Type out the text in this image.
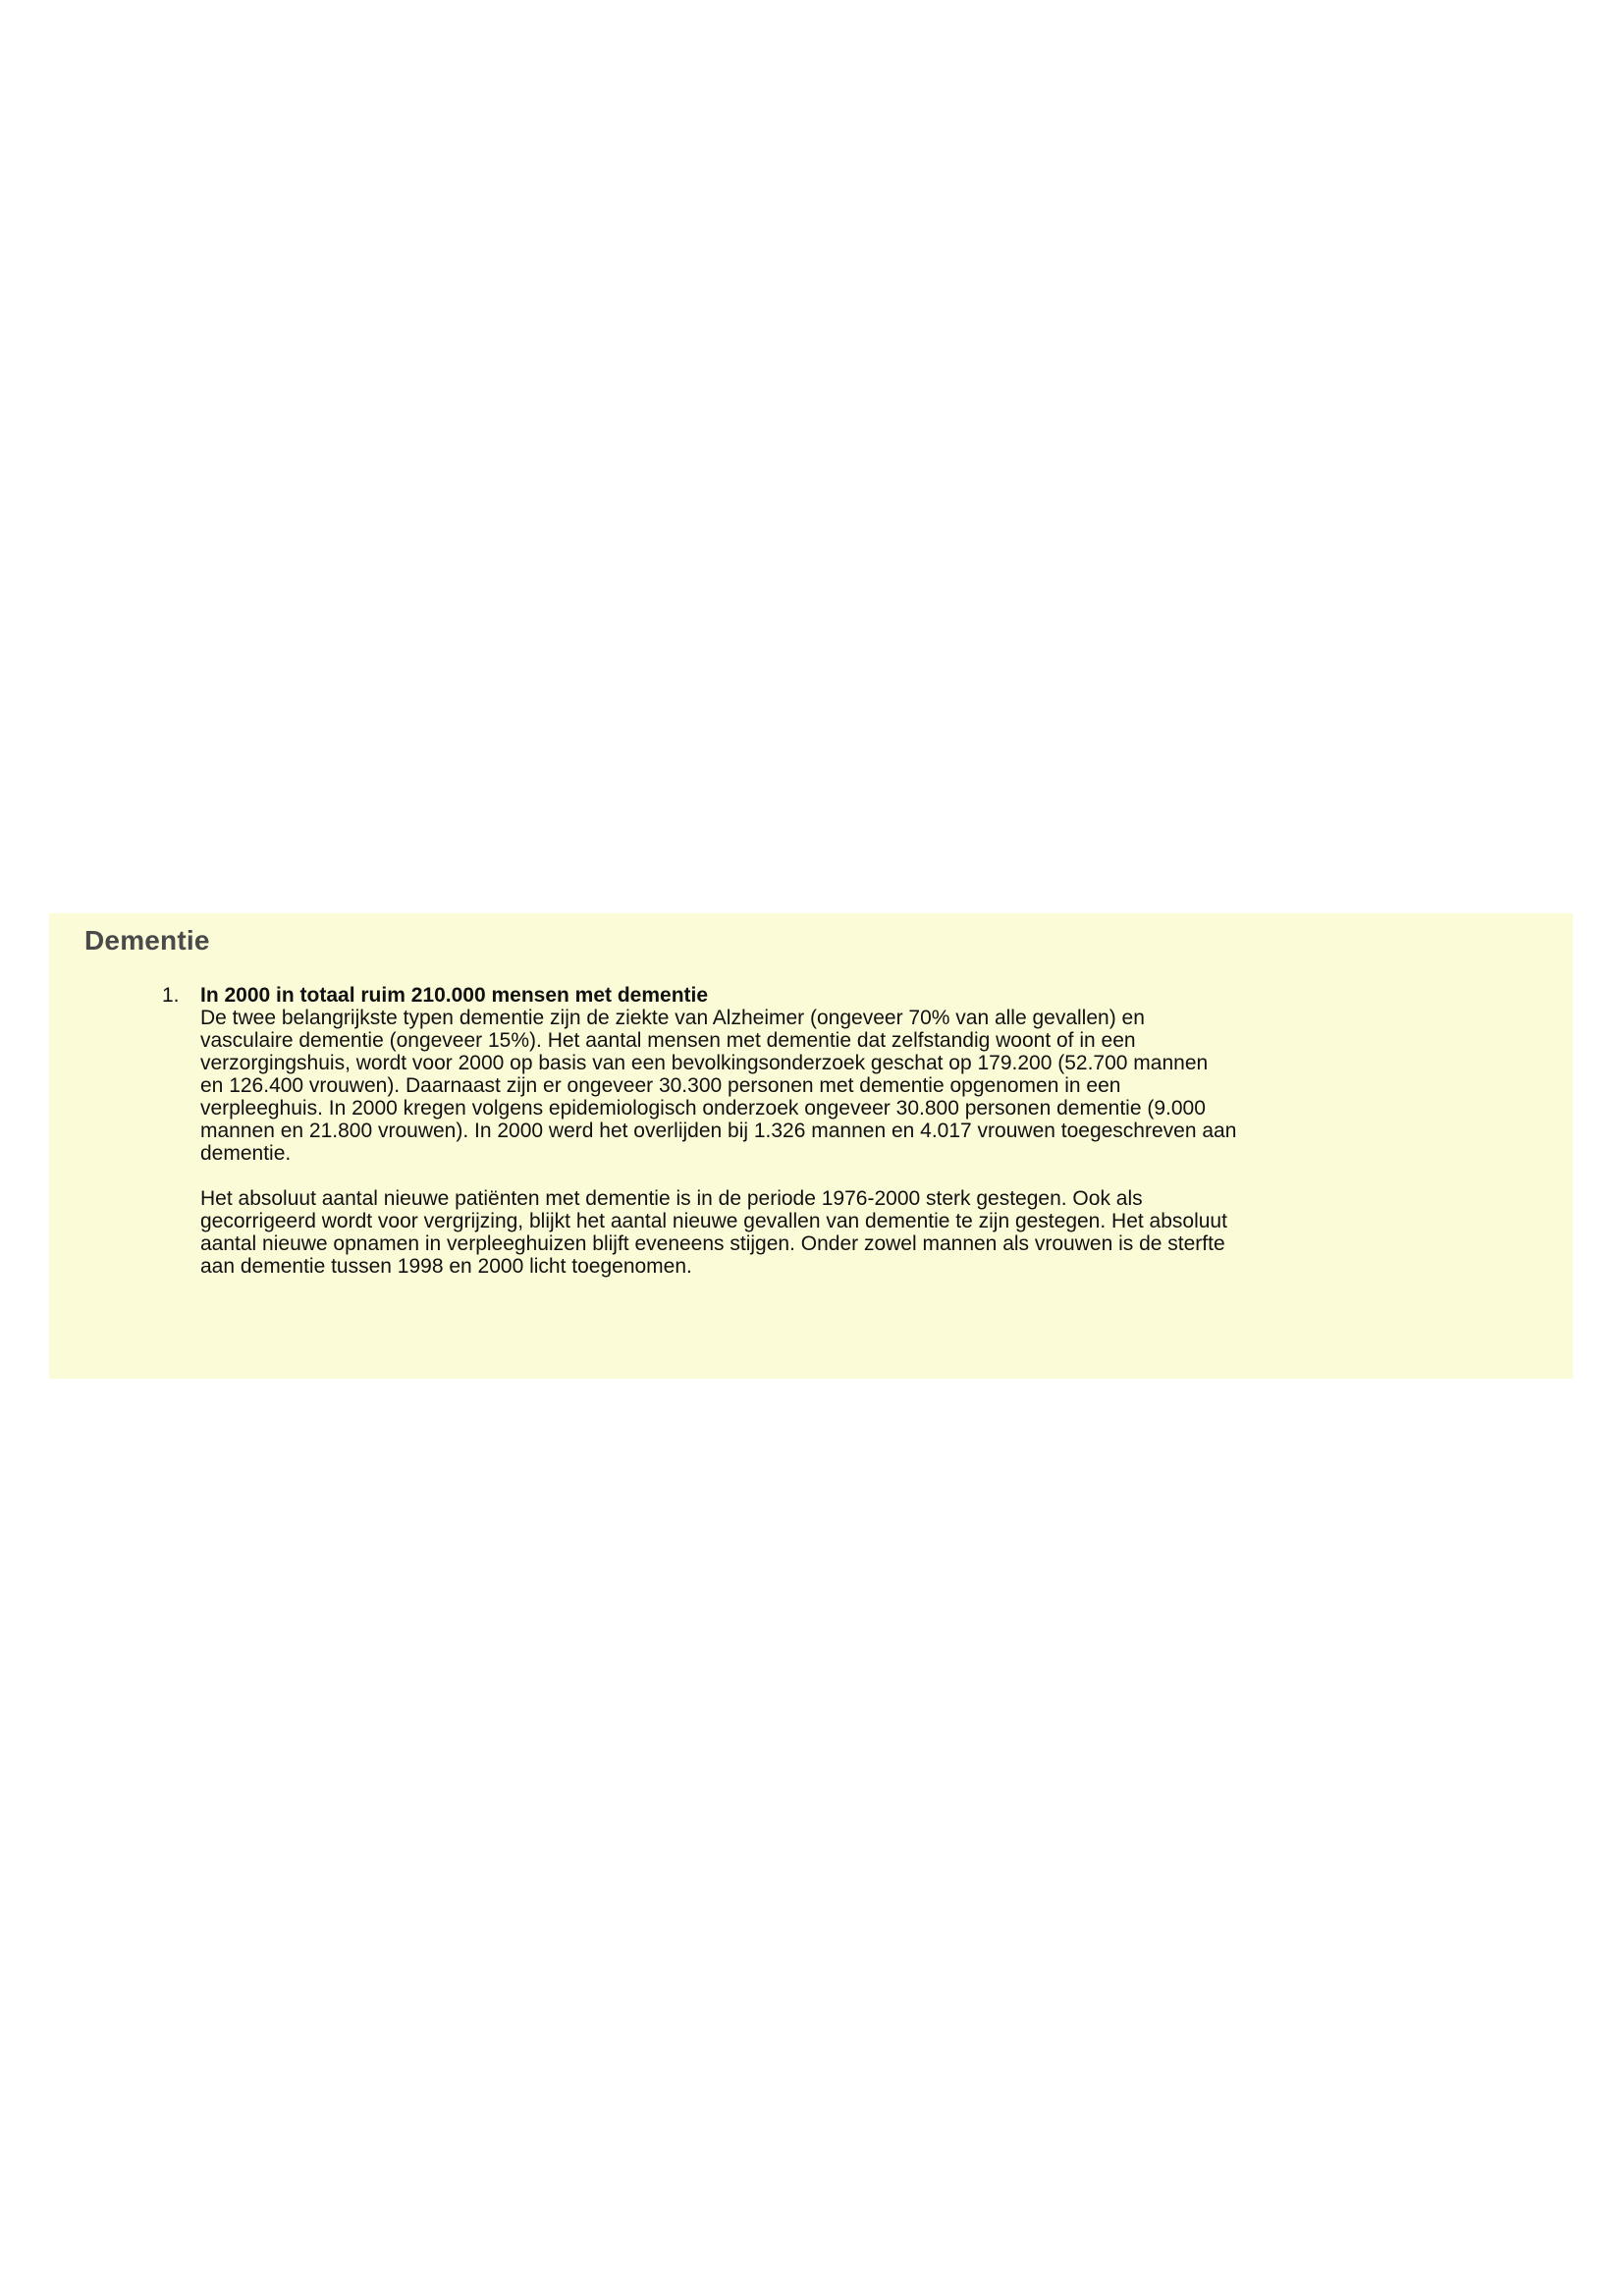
Dementie
1. In 2000 in totaal ruim 210.000 mensen met dementie

De twee belangrijkste typen dementie zijn de ziekte van Alzheimer (ongeveer 70% van alle gevallen) en
vasculaire dementie (ongeveer 15%). Het aantal mensen met dementie dat zelfstandig woont of in een
verzorgingshuis, wordt voor 2000 op basis van een bevolkingsonderzoek geschat op 179.200 (52.700 mannen
en 126.400 vrouwen). Daarnaast zijn er ongeveer 30.300 personen met dementie opgenomen in een
verpleeghuis. In 2000 kregen volgens epidemiologisch onderzoek ongeveer 30.800 personen dementie (9.000
mannen en 21.800 vrouwen). In 2000 werd het overlijden bij 1.326 mannen en 4.017 vrouwen toegeschreven aan
dementie.

Het absoluut aantal nieuwe patiënten met dementie is in de periode 1976-2000 sterk gestegen. Ook als
gecorrigeerd wordt voor vergrijzing, blijkt het aantal nieuwe gevallen van dementie te zijn gestegen. Het absoluut
aantal nieuwe opnamen in verpleeghuizen blijft eveneens stijgen. Onder zowel mannen als vrouwen is de sterfte
aan dementie tussen 1998 en 2000 licht toegenomen.
